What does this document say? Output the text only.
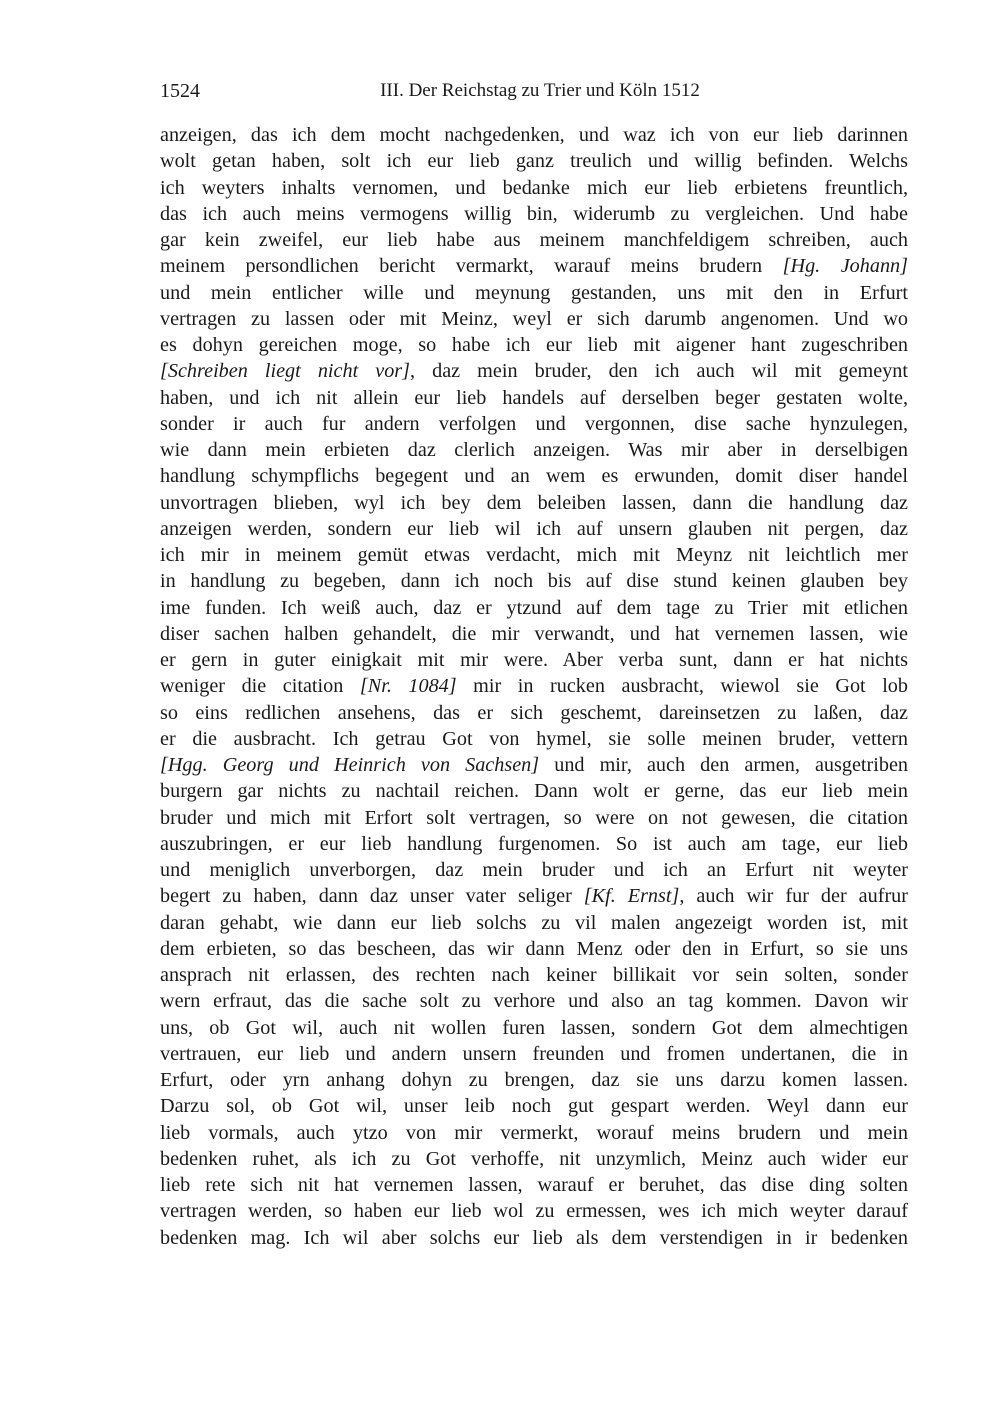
1524	III. Der Reichstag zu Trier und Köln 1512
anzeigen, das ich dem mocht nachgedenken, und waz ich von eur lieb darinnen
wolt getan haben, solt ich eur lieb ganz treulich und willig befinden. Welchs
ich weyters inhalts vernomen, und bedanke mich eur lieb erbietens freuntlich,
das ich auch meins vermogens willig bin, widerumb zu vergleichen. Und habe
gar kein zweifel, eur lieb habe aus meinem manchfeldigem schreiben, auch
meinem persondlichen bericht vermarkt, warauf meins brudern [Hg. Johann]
und mein entlicher wille und meynung gestanden, uns mit den in Erfurt
vertragen zu lassen oder mit Meinz, weyl er sich darumb angenomen. Und wo
es dohyn gereichen moge, so habe ich eur lieb mit aigener hant zugeschriben
[Schreiben liegt nicht vor], daz mein bruder, den ich auch wil mit gemeynt
haben, und ich nit allein eur lieb handels auf derselben beger gestaten wolte,
sonder ir auch fur andern verfolgen und vergonnen, dise sache hynzulegen,
wie dann mein erbieten daz clerlich anzeigen. Was mir aber in derselbigen
handlung schympflichs begegent und an wem es erwunden, domit diser handel
unvortragen blieben, wyl ich bey dem beleiben lassen, dann die handlung daz
anzeigen werden, sondern eur lieb wil ich auf unsern glauben nit pergen, daz
ich mir in meinem gemüt etwas verdacht, mich mit Meynz nit leichtlich mer
in handlung zu begeben, dann ich noch bis auf dise stund keinen glauben bey
ime funden. Ich weiß auch, daz er ytzund auf dem tage zu Trier mit etlichen
diser sachen halben gehandelt, die mir verwandt, und hat vernemen lassen, wie
er gern in guter einigkait mit mir were. Aber verba sunt, dann er hat nichts
weniger die citation [Nr. 1084] mir in rucken ausbracht, wiewol sie Got lob
so eins redlichen ansehens, das er sich geschemt, dareinsetzen zu laßen, daz
er die ausbracht. Ich getrau Got von hymel, sie solle meinen bruder, vettern
[Hgg. Georg und Heinrich von Sachsen] und mir, auch den armen, ausgetriben
burgern gar nichts zu nachtail reichen. Dann wolt er gerne, das eur lieb mein
bruder und mich mit Erfort solt vertragen, so were on not gewesen, die citation
auszubringen, er eur lieb handlung furgenomen. So ist auch am tage, eur lieb
und meniglich unverborgen, daz mein bruder und ich an Erfurt nit weyter
begert zu haben, dann daz unser vater seliger [Kf. Ernst], auch wir fur der aufrur
daran gehabt, wie dann eur lieb solchs zu vil malen angezeigt worden ist, mit
dem erbieten, so das bescheen, das wir dann Menz oder den in Erfurt, so sie uns
ansprach nit erlassen, des rechten nach keiner billikait vor sein solten, sonder
wern erfraut, das die sache solt zu verhore und also an tag kommen. Davon wir
uns, ob Got wil, auch nit wollen furen lassen, sondern Got dem almechtigen
vertrauen, eur lieb und andern unsern freunden und fromen undertanen, die in
Erfurt, oder yrn anhang dohyn zu brengen, daz sie uns darzu komen lassen.
Darzu sol, ob Got wil, unser leib noch gut gespart werden. Weyl dann eur
lieb vormals, auch ytzo von mir vermerkt, worauf meins brudern und mein
bedenken ruhet, als ich zu Got verhoffe, nit unzymlich, Meinz auch wider eur
lieb rete sich nit hat vernemen lassen, warauf er beruhet, das dise ding solten
vertragen werden, so haben eur lieb wol zu ermessen, wes ich mich weyter darauf
bedenken mag. Ich wil aber solchs eur lieb als dem verstendigen in ir bedenken
